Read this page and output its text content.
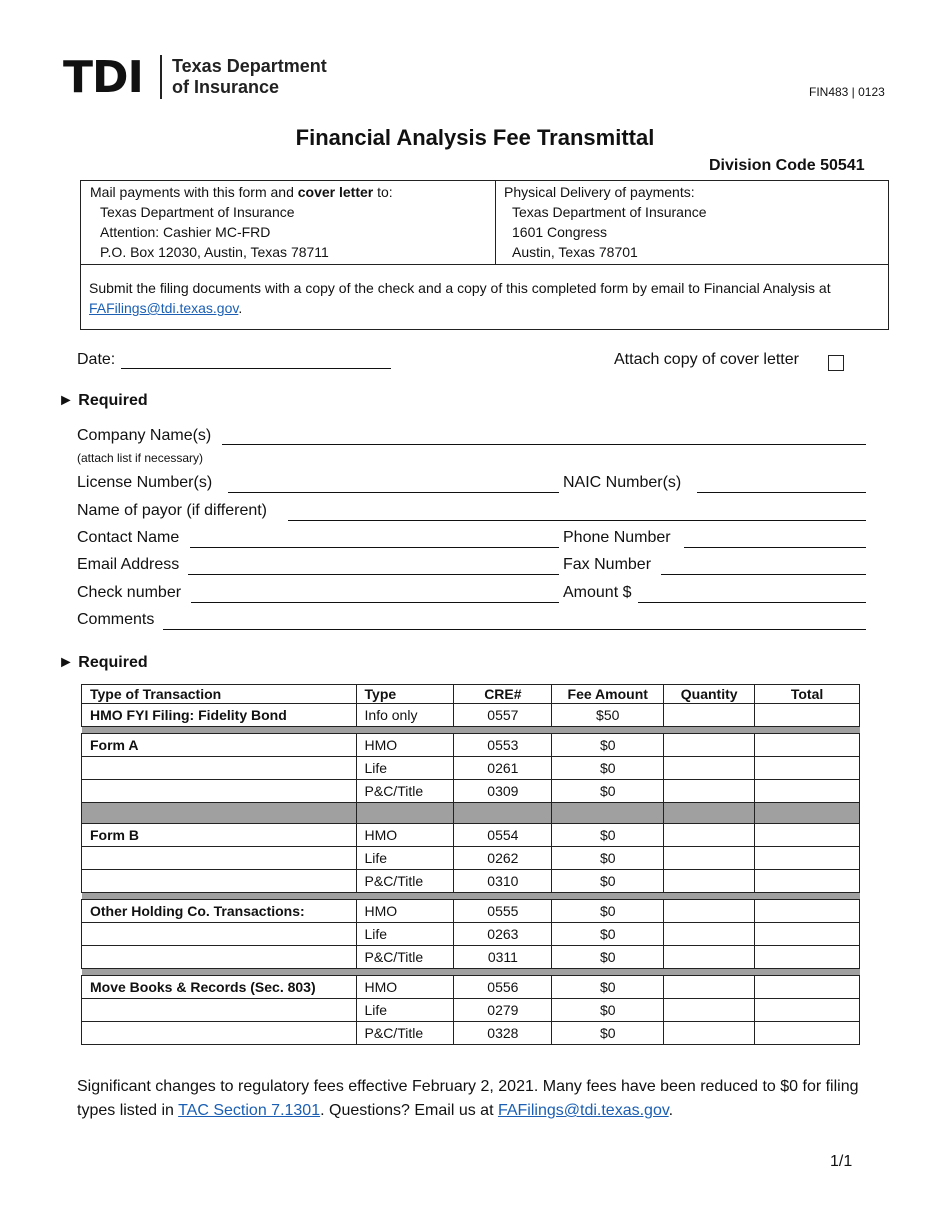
TDI Texas Department
of Insurance	FIN483 | 0123
Financial Analysis Fee Transmittal
Division Code 50541
Mail payments with this form and cover letter to:
Texas Department of Insurance
Attention: Cashier MC-FRD
P.O. Box 12030, Austin, Texas 78711
Physical Delivery of payments:
Texas Department of Insurance
1601 Congress
Austin, Texas 78701
Submit the filing documents with a copy of the check and a copy of this completed form by email to Financial Analysis at FAFilings@tdi.texas.gov.
Date:	Attach copy of cover letter
► Required
Company Name(s)
(attach list if necessary)
License Number(s)	NAIC Number(s)
Name of payor (if different)
Contact Name	Phone Number
Email Address	Fax Number
Check number	Amount $
Comments
► Required
Type of Transaction	Type	CRE#	Fee Amount	Quantity	Total
HMO FYI Filing: Fidelity Bond	Info only	0557	$50		

Form A	HMO	0553	$0		
	Life	0261	$0		
	P&C/Title	0309	$0		

Form B	HMO	0554	$0		
	Life	0262	$0		
	P&C/Title	0310	$0		

Other Holding Co. Transactions:	HMO	0555	$0		
	Life	0263	$0		
	P&C/Title	0311	$0		

Move Books & Records (Sec. 803)	HMO	0556	$0		
	Life	0279	$0		
	P&C/Title	0328	$0		
Significant changes to regulatory fees effective February 2, 2021. Many fees have been reduced to $0 for filing types listed in TAC Section 7.1301. Questions? Email us at FAFilings@tdi.texas.gov.
1/1
